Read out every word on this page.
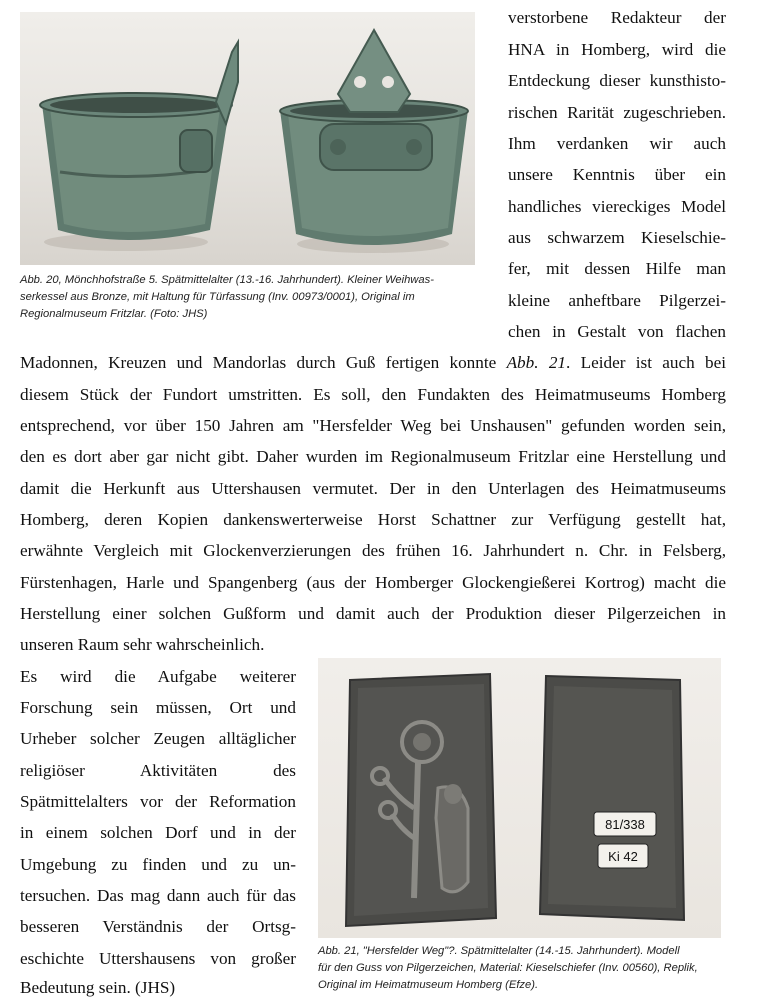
Abb. 20, Mönchhofstraße 5. Spätmittelalter (13.-16. Jahrhundert). Kleiner Weihwas-
serkessel aus Bronze, mit Haltung für Türfassung (Inv. 00973/0001), Original im
Regionalmuseum Fritzlar. (Foto: JHS)
verstorbene Redakteur der
HNA in Homberg, wird die
Entdeckung dieser kunsthisto-
rischen Rarität zugeschrieben.
Ihm verdanken wir auch
unsere Kenntnis über ein
handliches viereckiges Model
aus schwarzem Kieselschie-
fer, mit dessen Hilfe man
kleine anheftbare Pilgerzei-
chen in Gestalt von flachen
Madonnen, Kreuzen und Mandorlas durch Guß fertigen konnte Abb. 21. Leider ist auch bei
diesem Stück der Fundort umstritten. Es soll, den Fundakten des Heimatmuseums Homberg
entsprechend, vor über 150 Jahren am "Hersfelder Weg bei Unshausen" gefunden worden sein,
den es dort aber gar nicht gibt. Daher wurden im Regionalmuseum Fritzlar eine Herstellung und
damit die Herkunft aus Uttershausen vermutet. Der in den Unterlagen des Heimatmuseums
Homberg, deren Kopien dankenswerterweise Horst Schattner zur Verfügung gestellt hat,
erwähnte Vergleich mit Glockenverzierungen des frühen 16. Jahrhundert n. Chr. in Felsberg,
Fürstenhagen, Harle und Spangenberg (aus der Homberger Glockengießerei Kortrog) macht die
Herstellung einer solchen Gußform und damit auch der Produktion dieser Pilgerzeichen in
unseren Raum sehr wahrscheinlich.
Es wird die Aufgabe weiterer
Forschung sein müssen, Ort und
Urheber solcher Zeugen alltäglicher
religiöser Aktivitäten des
Spätmittelalters vor der Reformation
in einem solchen Dorf und in der
Umgebung zu finden und zu un-
tersuchen. Das mag dann auch für das
besseren Verständnis der Ortsg-
eschichte Uttershausens von großer
Bedeutung sein. (JHS)
81/338
Ki 42
Abb. 21, "Hersfelder Weg"?. Spätmittelalter (14.-15. Jahrhundert). Modell
für den Guss von Pilgerzeichen, Material: Kieselschiefer (Inv. 00560), Replik,
Original im Heimatmuseum Homberg (Efze).
